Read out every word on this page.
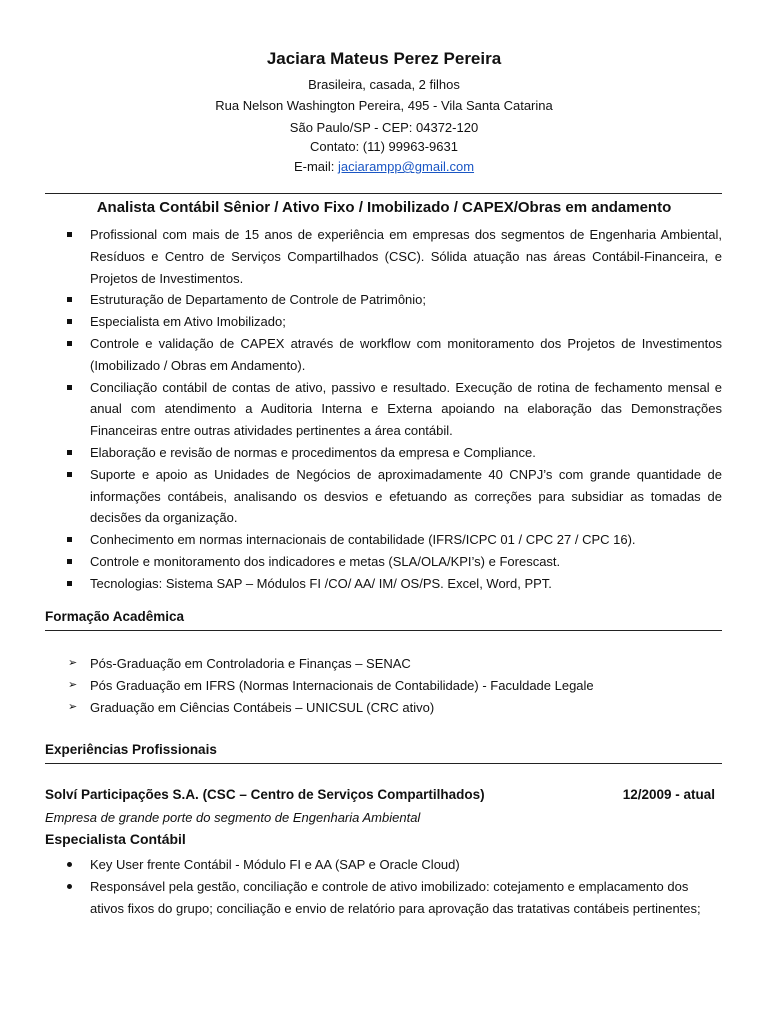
Jaciara Mateus Perez Pereira
Brasileira, casada, 2 filhos
Rua Nelson Washington Pereira, 495 - Vila Santa Catarina
São Paulo/SP - CEP: 04372-120
Contato: (11) 99963-9631
E-mail: jaciarampp@gmail.com
Analista Contábil Sênior / Ativo Fixo / Imobilizado / CAPEX/Obras em andamento
Profissional com mais de 15 anos de experiência em empresas dos segmentos de Engenharia Ambiental, Resíduos e Centro de Serviços Compartilhados (CSC). Sólida atuação nas áreas Contábil-Financeira, e Projetos de Investimentos.
Estruturação de Departamento de Controle de Patrimônio;
Especialista em Ativo Imobilizado;
Controle e validação de CAPEX através de workflow com monitoramento dos Projetos de Investimentos (Imobilizado / Obras em Andamento).
Conciliação contábil de contas de ativo, passivo e resultado. Execução de rotina de fechamento mensal e anual com atendimento a Auditoria Interna e Externa apoiando na elaboração das Demonstrações Financeiras entre outras atividades pertinentes a área contábil.
Elaboração e revisão de normas e procedimentos da empresa e Compliance.
Suporte e apoio as Unidades de Negócios de aproximadamente 40 CNPJ’s com grande quantidade de informações contábeis, analisando os desvios e efetuando as correções para subsidiar as tomadas de decisões da organização.
Conhecimento em normas internacionais de contabilidade (IFRS/ICPC 01 / CPC 27 / CPC 16).
Controle e monitoramento dos indicadores e metas (SLA/OLA/KPI’s) e Forescast.
Tecnologias: Sistema SAP – Módulos FI /CO/ AA/ IM/ OS/PS. Excel, Word, PPT.
Formação Acadêmica
➢ Pós-Graduação em Controladoria e Finanças – SENAC
➢ Pós Graduação em IFRS (Normas Internacionais de Contabilidade) - Faculdade Legale
➢ Graduação em Ciências Contábeis – UNICSUL (CRC ativo)
Experiências Profissionais
Solví Participações S.A. (CSC – Centro de Serviços Compartilhados)	12/2009 - atual
Empresa de grande porte do segmento de Engenharia Ambiental
Especialista Contábil
Key User frente Contábil - Módulo FI e AA (SAP e Oracle Cloud)
Responsável pela gestão, conciliação e controle de ativo imobilizado: cotejamento e emplacamento dos ativos fixos do grupo; conciliação e envio de relatório para aprovação das tratativas contábeis pertinentes;
